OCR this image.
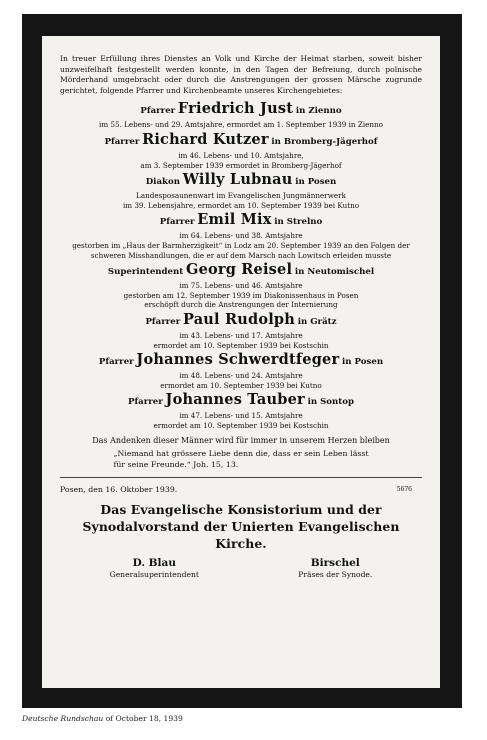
In treuer Erfüllung ihres Dienstes an Volk und Kirche der Heimat starben, soweit bisher unzweifelhaft festgestellt werden konnte, in den Tagen der Befreiung, durch polnische Mörderhand umgebracht oder durch die Anstrengungen der grossen Märsche zugrunde gerichtet, folgende Pfarrer und Kirchenbeamte unseres Kirchengebietes:

Pfarrer Friedrich Just in Zienno
im 55. Lebens- und 29. Amtsjahre, ermordet am 1. September 1939 in Zienno
Pfarrer Richard Kutzer in Bromberg-Jägerhof
im 46. Lebens- und 10. Amtsjahre,
am 3. September 1939 ermordet in Bromberg-Jägerhof
Diakon Willy Lubnau in Posen
Landesposaunenwart im Evangelischen Jungmännerwerk
im 39. Lebensjahre, ermordet am 10. September 1939 bei Kutno
Pfarrer Emil Mix in Strelno
im 64. Lebens- und 38. Amtsjahre
gestorben im „Haus der Barmherzigkeit“ in Lodz am 20. September 1939 an den Folgen der schweren Misshandlungen, die er auf dem Marsch nach Lowitsch erleiden musste
Superintendent Georg Reisel in Neutomischel
im 75. Lebens- und 46. Amtsjahre
gestorben am 12. September 1939 im Diakonissenhaus in Posen
erschöpft durch die Anstrengungen der Internierung
Pfarrer Paul Rudolph in Grätz
im 43. Lebens- und 17. Amtsjahre
ermordet am 10. September 1939 bei Kostschin
Pfarrer Johannes Schwerdtfeger in Posen
im 48. Lebens- und 24. Amtsjahre
ermordet am 10. September 1939 bei Kutno
Pfarrer Johannes Tauber in Sontop
im 47. Lebens- und 15. Amtsjahre
ermordet am 10. September 1939 bei Kostschin

Das Andenken dieser Männer wird für immer in unserem Herzen bleiben

„Niemand hat grössere Liebe denn die, dass er sein Leben lässt für seine Freunde.“ Joh. 15, 13.

Posen, den 16. Oktober 1939.	5676
Das Evangelische Konsistorium und der Synodalvorstand der Unierten Evangelischen Kirche.
D. Blau
Generalsuperintendent
Birschel
Präses der Synode.
Deutsche Rundschau of October 18, 1939
